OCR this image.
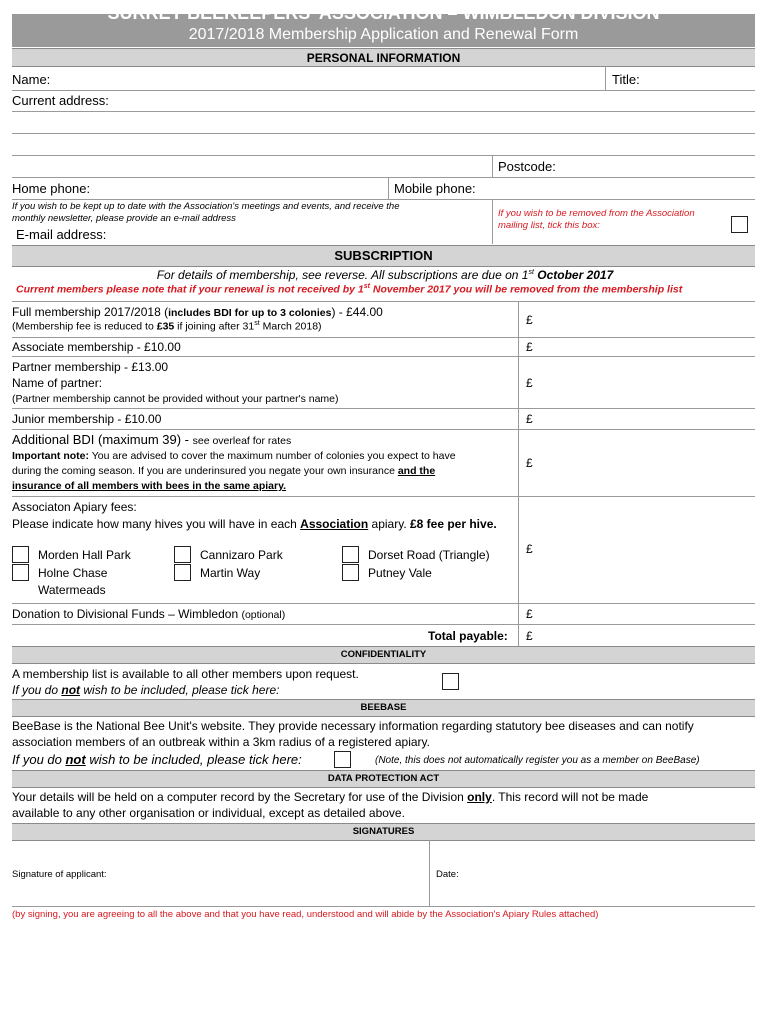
SURREY BEEKEEPERS' ASSOCIATION – WIMBLEDON DIVISION
2017/2018 Membership Application and Renewal Form
PERSONAL INFORMATION
Name:	Title:
Current address:
Postcode:
Home phone:	Mobile phone:
If you wish to be kept up to date with the Association's meetings and events, and receive the
monthly newsletter, please provide an e-mail address
E-mail address:
If you wish to be removed from the Association
mailing list, tick this box:
SUBSCRIPTION
For details of membership, see reverse. All subscriptions are due on 1st October 2017
Current members please note that if your renewal is not received by 1st November 2017 you will be removed from the membership list
Full membership 2017/2018 (includes BDI for up to 3 colonies) - £44.00
(Membership fee is reduced to £35 if joining after 31st March 2018)	£
Associate membership - £10.00	£
Partner membership - £13.00
Name of partner:
(Partner membership cannot be provided without your partner's name)
£
Junior membership - £10.00	£
Additional BDI (maximum 39) - see overleaf for rates
Important note: You are advised to cover the maximum number of colonies you expect to have
during the coming season. If you are underinsured you negate your own insurance and the
insurance of all members with bees in the same apiary.
£
Associaton Apiary fees:
Please indicate how many hives you will have in each Association apiary. £8 fee per hive.
£
Morden Hall Park
Holne Chase
Watermeads
Cannizaro Park
Martin Way
Dorset Road (Triangle)
Putney Vale
Donation to Divisional Funds – Wimbledon (optional)	£
Total payable: £
CONFIDENTIALITY
A membership list is available to all other members upon request.
If you do not wish to be included, please tick here:
BEEBASE
BeeBase is the National Bee Unit's website. They provide necessary information regarding statutory bee diseases and can notify
association members of an outbreak within a 3km radius of a registered apiary.
If you do not wish to be included, please tick here:	(Note, this does not automatically register you as a member on BeeBase)
DATA PROTECTION ACT
Your details will be held on a computer record by the Secretary for use of the Division only. This record will not be made
available to any other organisation or individual, except as detailed above.
SIGNATURES
Signature of applicant:	Date:
(by signing, you are agreeing to all the above and that you have read, understood and will abide by the Association's Apiary Rules attached)
